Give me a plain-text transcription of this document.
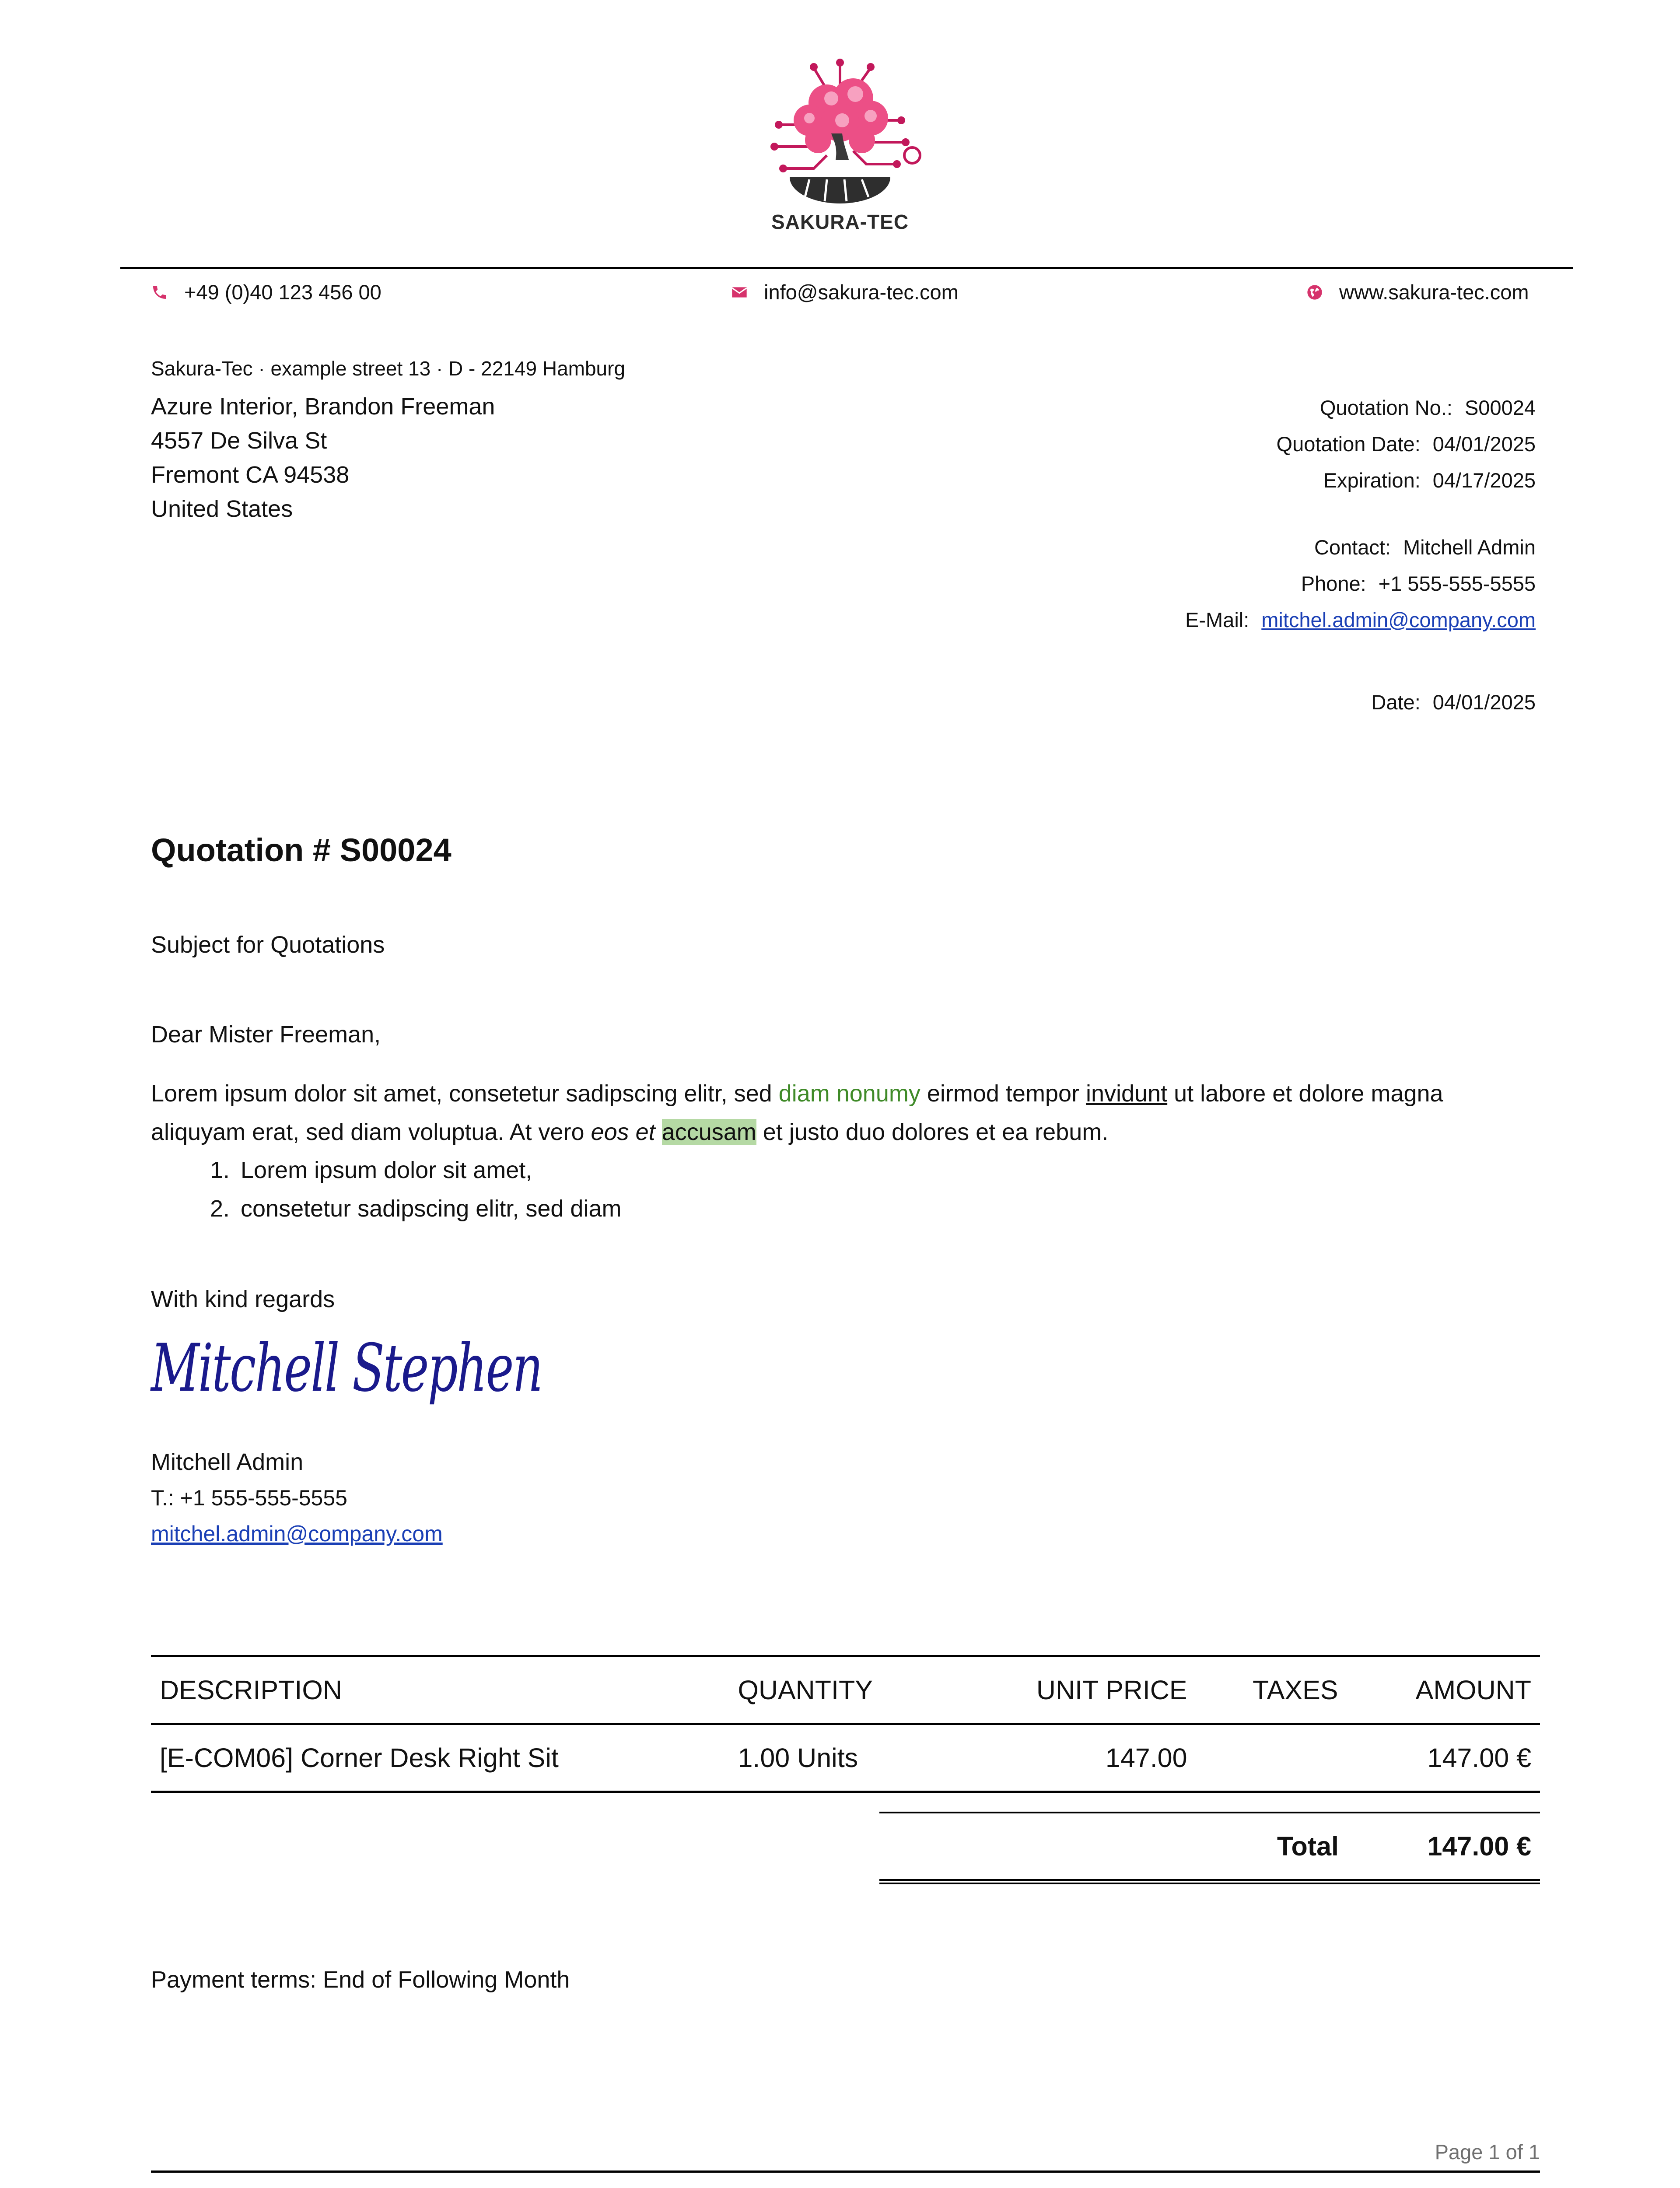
SAKURA-TEC
+49 (0)40 123 456 00	info@sakura-tec.com	www.sakura-tec.com
Sakura-Tec · example street 13 · D - 22149 Hamburg
Azure Interior, Brandon Freeman
4557 De Silva St
Fremont CA 94538
United States
Quotation No.: S00024
Quotation Date: 04/01/2025
Expiration: 04/17/2025
Contact: Mitchell Admin
Phone: +1 555-555-5555
E-Mail: mitchel.admin@company.com
Date: 04/01/2025
Quotation # S00024
Subject for Quotations
Dear Mister Freeman,
Lorem ipsum dolor sit amet, consetetur sadipscing elitr, sed diam nonumy eirmod tempor invidunt ut labore et dolore magna aliquyam erat, sed diam voluptua. At vero eos et accusam et justo duo dolores et ea rebum.
1. Lorem ipsum dolor sit amet,
2. consetetur sadipscing elitr, sed diam
With kind regards
Mitchell Stephen
Mitchell Admin
T.: +1 555-555-5555
mitchel.admin@company.com
DESCRIPTION	QUANTITY	UNIT PRICE	TAXES	AMOUNT
[E-COM06] Corner Desk Right Sit	1.00 Units	147.00		147.00 €
Total	147.00 €
Payment terms: End of Following Month
Page 1 of 1
